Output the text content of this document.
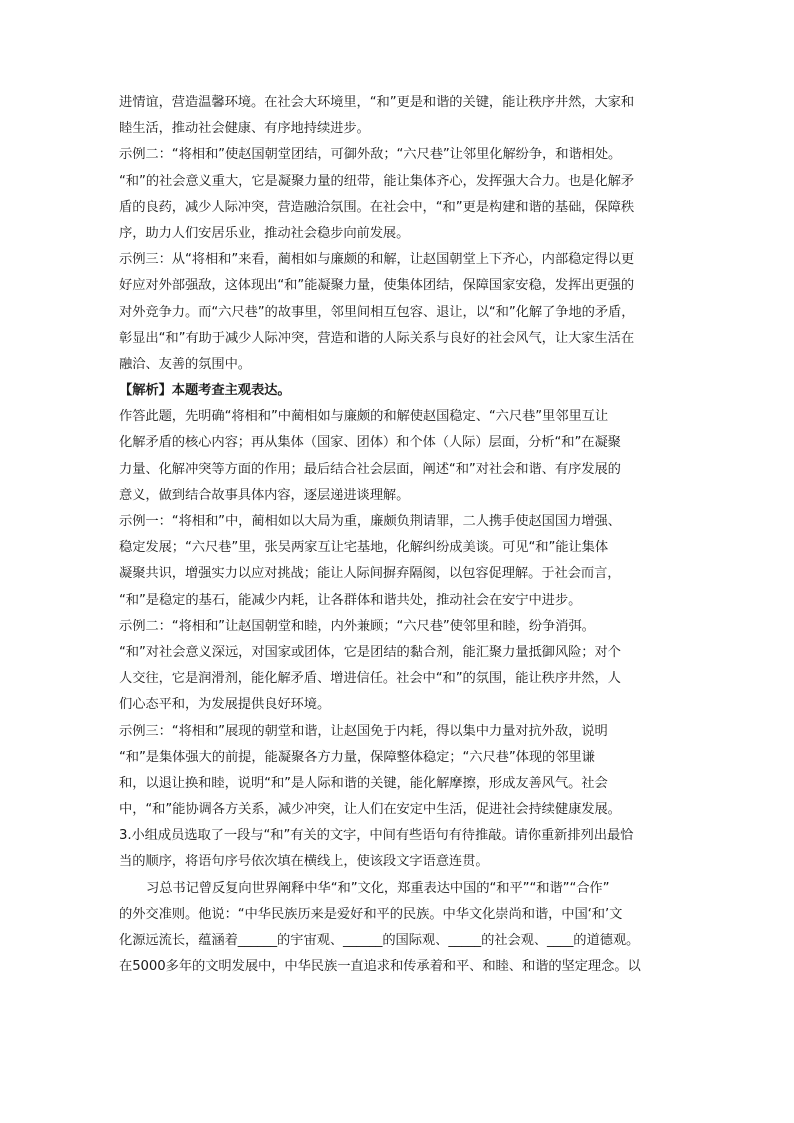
进情谊，营造温馨环境。在社会大环境里，“和”更是和谐的关键，能让秩序井然，大家和
睦生活，推动社会健康、有序地持续进步。
示例二：“将相和”使赵国朝堂团结，可御外敌；“六尺巷”让邻里化解纷争，和谐相处。
“和”的社会意义重大，它是凝聚力量的纽带，能让集体齐心，发挥强大合力。也是化解矛
盾的良药，减少人际冲突，营造融洽氛围。在社会中，“和”更是构建和谐的基础，保障秩
序，助力人们安居乐业，推动社会稳步向前发展。
示例三：从“将相和”来看，蔺相如与廉颇的和解，让赵国朝堂上下齐心，内部稳定得以更
好应对外部强敌，这体现出“和”能凝聚力量，使集体团结，保障国家安稳，发挥出更强的
对外竞争力。而“六尺巷”的故事里，邻里间相互包容、退让，以“和”化解了争地的矛盾，
彰显出“和”有助于减少人际冲突，营造和谐的人际关系与良好的社会风气，让大家生活在
融洽、友善的氛围中。
【解析】本题考查主观表达。
作答此题，先明确“将相和”中蔺相如与廉颇的和解使赵国稳定、“六尺巷”里邻里互让
化解矛盾的核心内容；再从集体（国家、团体）和个体（人际）层面，分析“和”在凝聚
力量、化解冲突等方面的作用；最后结合社会层面，阐述“和”对社会和谐、有序发展的
意义，做到结合故事具体内容，逐层递进谈理解。
示例一：“将相和”中，蔺相如以大局为重，廉颇负荆请罪，二人携手使赵国国力增强、
稳定发展；“六尺巷”里，张吴两家互让宅基地，化解纠纷成美谈。可见“和”能让集体
凝聚共识，增强实力以应对挑战；能让人际间摒弃隔阂，以包容促理解。于社会而言，
“和”是稳定的基石，能减少内耗，让各群体和谐共处，推动社会在安宁中进步。
示例二：“将相和”让赵国朝堂和睦，内外兼顾；“六尺巷”使邻里和睦，纷争消弭。
“和”对社会意义深远，对国家或团体，它是团结的黏合剂，能汇聚力量抵御风险；对个
人交往，它是润滑剂，能化解矛盾、增进信任。社会中“和”的氛围，能让秩序井然，人
们心态平和，为发展提供良好环境。
示例三：“将相和”展现的朝堂和谐，让赵国免于内耗，得以集中力量对抗外敌，说明
“和”是集体强大的前提，能凝聚各方力量，保障整体稳定；“六尺巷”体现的邻里谦
和，以退让换和睦，说明“和”是人际和谐的关键，能化解摩擦，形成友善风气。社会
中，“和”能协调各方关系，减少冲突，让人们在安定中生活，促进社会持续健康发展。
3.小组成员选取了一段与“和”有关的文字，中间有些语句有待推敲。请你重新排列出最恰
当的顺序，将语句序号依次填在横线上，使该段文字语意连贯。
习总书记曾反复向世界阐释中华“和”文化，郑重表达中国的“和平”“和谐”“合作”
的外交准则。他说：“中华民族历来是爱好和平的民族。中华文化崇尚和谐，中国‘和’文
化源远流长，蕴涵着______的宇宙观、______的国际观、_____的社会观、____的道德观。
在5000多年的文明发展中，中华民族一直追求和传承着和平、和睦、和谐的坚定理念。以
